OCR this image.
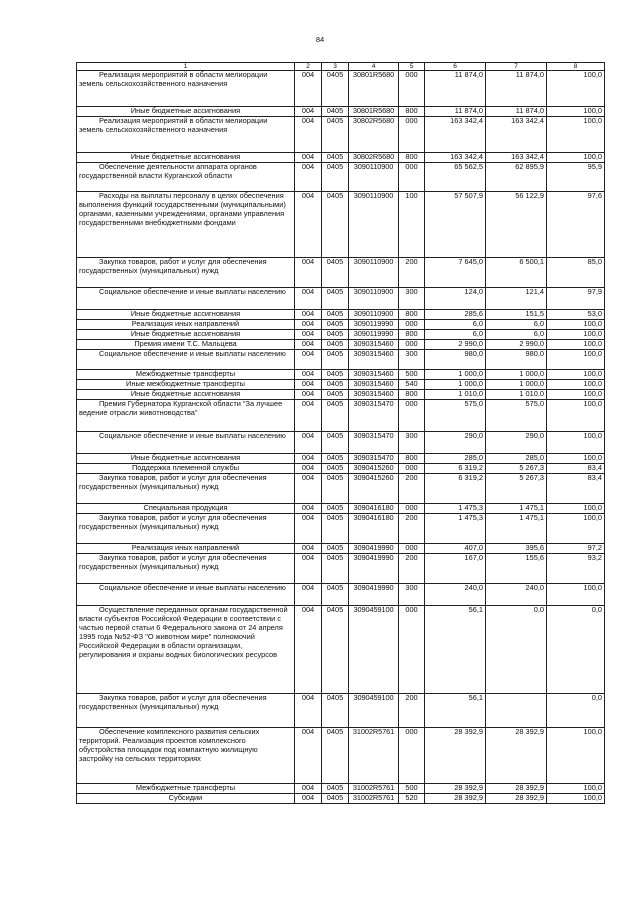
84
1	2	3	4	5	6	7	8
Реализация мероприятий в области мелиорации земель сельскохозяйственного назначения	004	0405	30801R5680	000	11 874,0	11 874,0	100,0
Иные бюджетные ассигнования	004	0405	30801R5680	800	11 874,0	11 874,0	100,0
Реализация мероприятий в области мелиорации земель сельскохозяйственного назначения	004	0405	30802R5680	000	163 342,4	163 342,4	100,0
Иные бюджетные ассигнования	004	0405	30802R5680	800	163 342,4	163 342,4	100,0
Обеспечение деятельности аппарата органов государственной власти Курганской области	004	0405	3090110900	000	65 562,5	62 895,9	95,9
Расходы на выплаты персоналу в целях обеспечения выполнения функций государственными (муниципальными) органами, казенными учреждениями, органами управления государственными внебюджетными фондами	004	0405	3090110900	100	57 507,9	56 122,9	97,6
Закупка товаров, работ и услуг для обеспечения государственных (муниципальных) нужд	004	0405	3090110900	200	7 645,0	6 500,1	85,0
Социальное обеспечение и иные выплаты населению	004	0405	3090110900	300	124,0	121,4	97,9
Иные бюджетные ассигнования	004	0405	3090110900	800	285,6	151,5	53,0
Реализация иных направлений	004	0405	3090119990	000	6,0	6,0	100,0
Иные бюджетные ассигнования	004	0405	3090119990	800	6,0	6,0	100,0
Премия имени Т.С. Мальцева	004	0405	3090315460	000	2 990,0	2 990,0	100,0
Социальное обеспечение и иные выплаты населению	004	0405	3090315460	300	980,0	980,0	100,0
Межбюджетные трансферты	004	0405	3090315460	500	1 000,0	1 000,0	100,0
Иные межбюджетные трансферты	004	0405	3090315460	540	1 000,0	1 000,0	100,0
Иные бюджетные ассигнования	004	0405	3090315460	800	1 010,0	1 010,0	100,0
Премия Губернатора Курганской области "За лучшее ведение отрасли животноводства"	004	0405	3090315470	000	575,0	575,0	100,0
Социальное обеспечение и иные выплаты населению	004	0405	3090315470	300	290,0	290,0	100,0
Иные бюджетные ассигнования	004	0405	3090315470	800	285,0	285,0	100,0
Поддержка племенной службы	004	0405	3090415260	000	6 319,2	5 267,3	83,4
Закупка товаров, работ и услуг для обеспечения государственных (муниципальных) нужд	004	0405	3090415260	200	6 319,2	5 267,3	83,4
Специальная продукция	004	0405	3090416180	000	1 475,3	1 475,1	100,0
Закупка товаров, работ и услуг для обеспечения государственных (муниципальных) нужд	004	0405	3090416180	200	1 475,3	1 475,1	100,0
Реализация иных направлений	004	0405	3090419990	000	407,0	395,6	97,2
Закупка товаров, работ и услуг для обеспечения государственных (муниципальных) нужд	004	0405	3090419990	200	167,0	155,6	93,2
Социальное обеспечение и иные выплаты населению	004	0405	3090419990	300	240,0	240,0	100,0
Осуществление переданных органам государственной власти субъектов Российской Федерации в соответствии с частью первой статьи 6 Федерального закона от 24 апреля 1995 года №52-ФЗ "О животном мире" полномочий Российской Федерации в области организации, регулирования и охраны водных биологических ресурсов	004	0405	3090459100	000	56,1	0,0	0,0
Закупка товаров, работ и услуг для обеспечения государственных (муниципальных) нужд	004	0405	3090459100	200	56,1		0,0
Обеспечение комплексного развития сельских территорий. Реализация проектов комплексного обустройства площадок под компактную жилищную застройку на сельских территориях	004	0405	31002R5761	000	28 392,9	28 392,9	100,0
Межбюджетные трансферты	004	0405	31002R5761	500	28 392,9	28 392,9	100,0
Субсидии	004	0405	31002R5761	520	28 392,9	28 392,9	100,0
